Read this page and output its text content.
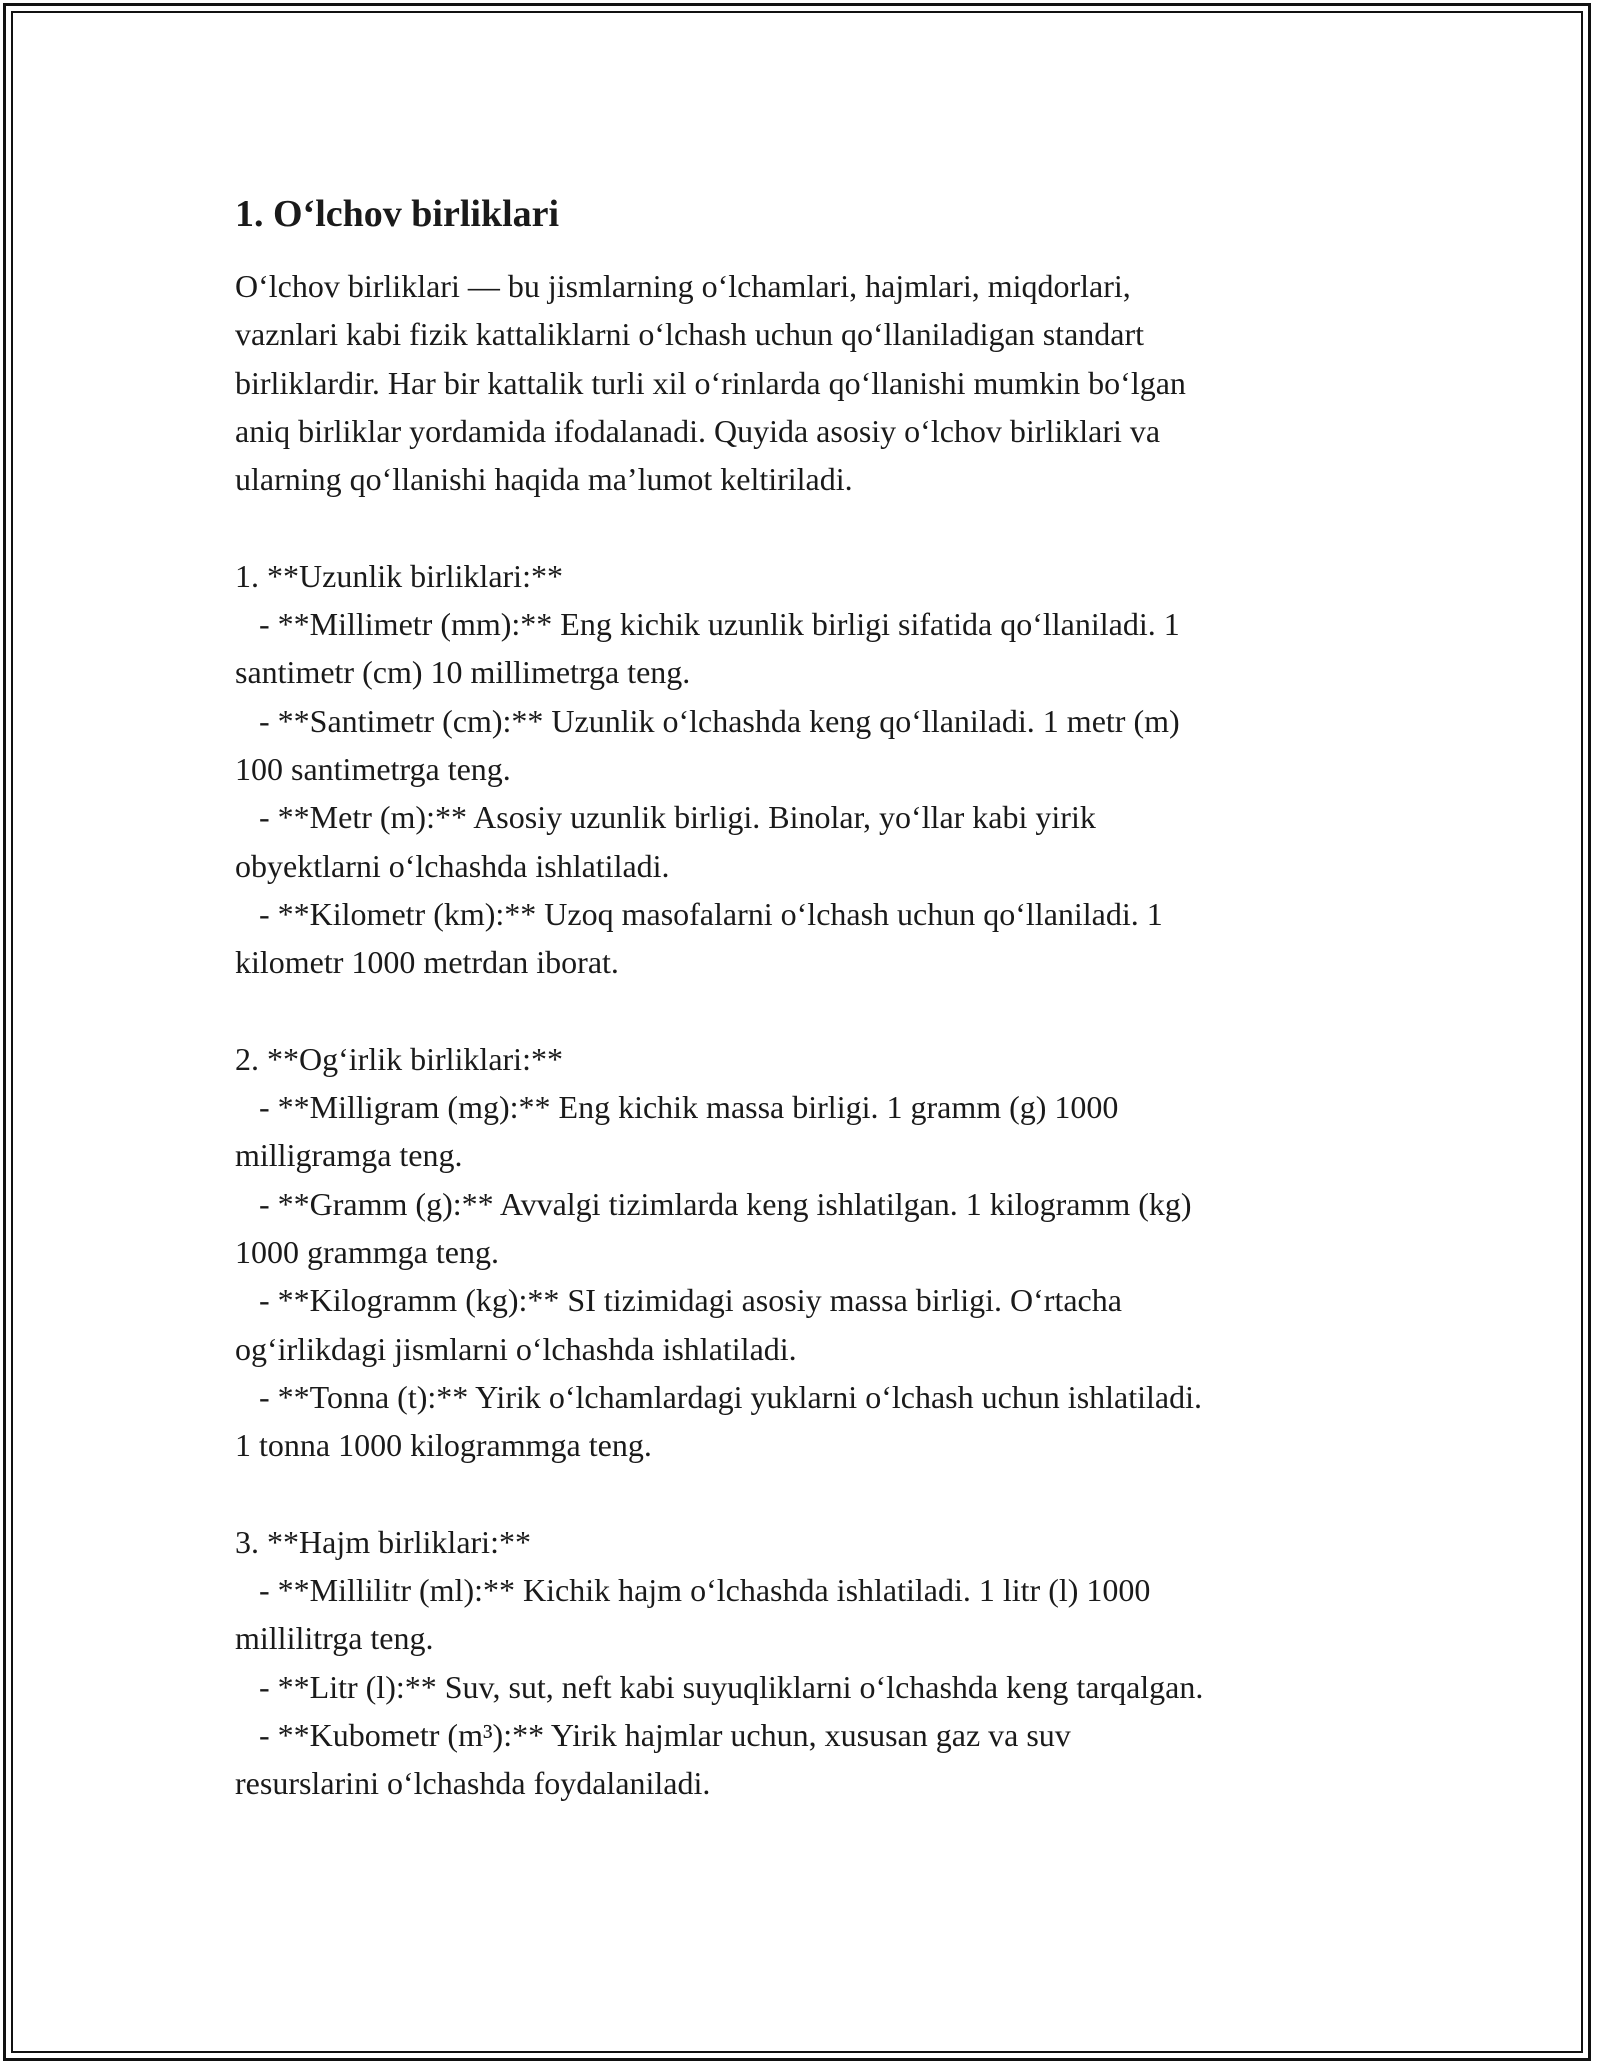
1. O‘lchov birliklari

O‘lchov birliklari — bu jismlarning o‘lchamlari, hajmlari, miqdorlari,
vaznlari kabi fizik kattaliklarni o‘lchash uchun qo‘llaniladigan standart
birliklardir. Har bir kattalik turli xil o‘rinlarda qo‘llanishi mumkin bo‘lgan
aniq birliklar yordamida ifodalanadi. Quyida asosiy o‘lchov birliklari va
ularning qo‘llanishi haqida ma’lumot keltiriladi.

1. **Uzunlik birliklari:**
- **Millimetr (mm):** Eng kichik uzunlik birligi sifatida qo‘llaniladi. 1
santimetr (cm) 10 millimetrga teng.
- **Santimetr (cm):** Uzunlik o‘lchashda keng qo‘llaniladi. 1 metr (m)
100 santimetrga teng.
- **Metr (m):** Asosiy uzunlik birligi. Binolar, yo‘llar kabi yirik
obyektlarni o‘lchashda ishlatiladi.
- **Kilometr (km):** Uzoq masofalarni o‘lchash uchun qo‘llaniladi. 1
kilometr 1000 metrdan iborat.

2. **Og‘irlik birliklari:**
- **Milligram (mg):** Eng kichik massa birligi. 1 gramm (g) 1000
milligramga teng.
- **Gramm (g):** Avvalgi tizimlarda keng ishlatilgan. 1 kilogramm (kg)
1000 grammga teng.
- **Kilogramm (kg):** SI tizimidagi asosiy massa birligi. O‘rtacha
og‘irlikdagi jismlarni o‘lchashda ishlatiladi.
- **Tonna (t):** Yirik o‘lchamlardagi yuklarni o‘lchash uchun ishlatiladi.
1 tonna 1000 kilogrammga teng.

3. **Hajm birliklari:**
- **Millilitr (ml):** Kichik hajm o‘lchashda ishlatiladi. 1 litr (l) 1000
millilitrga teng.
- **Litr (l):** Suv, sut, neft kabi suyuqliklarni o‘lchashda keng tarqalgan.
- **Kubometr (m³):** Yirik hajmlar uchun, xususan gaz va suv
resurslarini o‘lchashda foydalaniladi.
